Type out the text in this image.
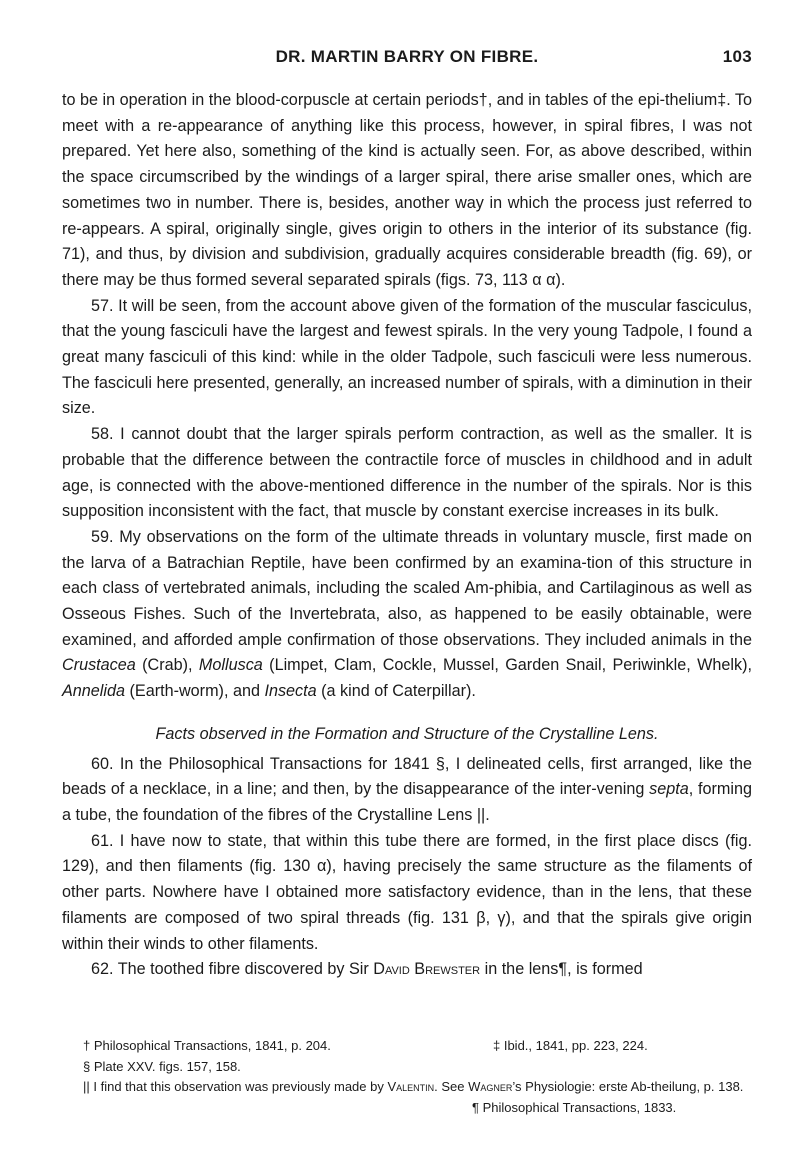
DR. MARTIN BARRY ON FIBRE.	103

to be in operation in the blood-corpuscle at certain periods†, and in tables of the epi-thelium‡. To meet with a re-appearance of anything like this process, however, in spiral fibres, I was not prepared. Yet here also, something of the kind is actually seen. For, as above described, within the space circumscribed by the windings of a larger spiral, there arise smaller ones, which are sometimes two in number. There is, besides, another way in which the process just referred to re-appears. A spiral, originally single, gives origin to others in the interior of its substance (fig. 71), and thus, by division and subdivision, gradually acquires considerable breadth (fig. 69), or there may be thus formed several separated spirals (figs. 73, 113 α α).

57. It will be seen, from the account above given of the formation of the muscular fasciculus, that the young fasciculi have the largest and fewest spirals. In the very young Tadpole, I found a great many fasciculi of this kind: while in the older Tadpole, such fasciculi were less numerous. The fasciculi here presented, generally, an increased number of spirals, with a diminution in their size.

58. I cannot doubt that the larger spirals perform contraction, as well as the smaller. It is probable that the difference between the contractile force of muscles in childhood and in adult age, is connected with the above-mentioned difference in the number of the spirals. Nor is this supposition inconsistent with the fact, that muscle by constant exercise increases in its bulk.

59. My observations on the form of the ultimate threads in voluntary muscle, first made on the larva of a Batrachian Reptile, have been confirmed by an examina-tion of this structure in each class of vertebrated animals, including the scaled Am-phibia, and Cartilaginous as well as Osseous Fishes. Such of the Invertebrata, also, as happened to be easily obtainable, were examined, and afforded ample confirmation of those observations. They included animals in the Crustacea (Crab), Mollusca (Limpet, Clam, Cockle, Mussel, Garden Snail, Periwinkle, Whelk), Annelida (Earth-worm), and Insecta (a kind of Caterpillar).

Facts observed in the Formation and Structure of the Crystalline Lens.

60. In the Philosophical Transactions for 1841 §, I delineated cells, first arranged, like the beads of a necklace, in a line; and then, by the disappearance of the inter-vening septa, forming a tube, the foundation of the fibres of the Crystalline Lens ||.

61. I have now to state, that within this tube there are formed, in the first place discs (fig. 129), and then filaments (fig. 130 α), having precisely the same structure as the filaments of other parts. Nowhere have I obtained more satisfactory evidence, than in the lens, that these filaments are composed of two spiral threads (fig. 131 β, γ), and that the spirals give origin within their winds to other filaments.

62. The toothed fibre discovered by Sir David Brewster in the lens¶, is formed

† Philosophical Transactions, 1841, p. 204.	‡ Ibid., 1841, pp. 223, 224.
§ Plate XXV. figs. 157, 158.
|| I find that this observation was previously made by Valentin. See Wagner’s Physiologie: erste Ab-theilung, p. 138.
¶ Philosophical Transactions, 1833.
